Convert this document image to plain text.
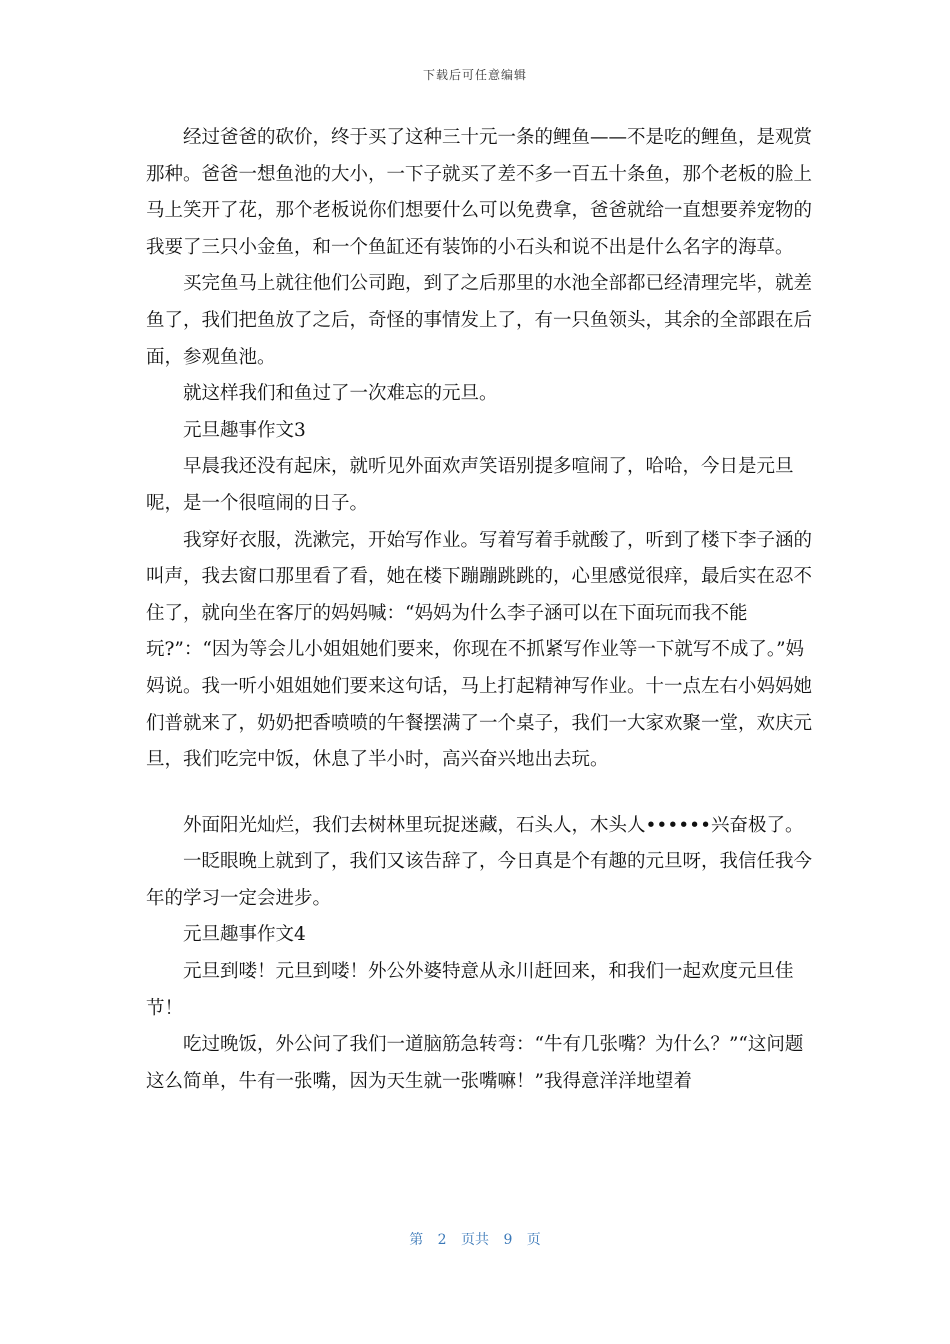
下载后可任意编辑

经过爸爸的砍价，终于买了这种三十元一条的鲤鱼——不是吃的鲤鱼，是观赏那种。爸爸一想鱼池的大小，一下子就买了差不多一百五十条鱼，那个老板的脸上马上笑开了花，那个老板说你们想要什么可以免费拿，爸爸就给一直想要养宠物的我要了三只小金鱼，和一个鱼缸还有装饰的小石头和说不出是什么名字的海草。

买完鱼马上就往他们公司跑，到了之后那里的水池全部都已经清理完毕，就差鱼了，我们把鱼放了之后，奇怪的事情发上了，有一只鱼领头，其余的全部跟在后面，参观鱼池。

就这样我们和鱼过了一次难忘的元旦。

元旦趣事作文3

早晨我还没有起床，就听见外面欢声笑语别提多喧闹了，哈哈，今日是元旦呢，是一个很喧闹的日子。

我穿好衣服，洗漱完，开始写作业。写着写着手就酸了，听到了楼下李子涵的叫声，我去窗口那里看了看，她在楼下蹦蹦跳跳的，心里感觉很痒，最后实在忍不住了，就向坐在客厅的妈妈喊：“妈妈为什么李子涵可以在下面玩而我不能玩?”：“因为等会儿小姐姐她们要来，你现在不抓紧写作业等一下就写不成了。”妈妈说。我一听小姐姐她们要来这句话，马上打起精神写作业。十一点左右小妈妈她们普就来了，奶奶把香喷喷的午餐摆满了一个桌子，我们一大家欢聚一堂，欢庆元旦，我们吃完中饭，休息了半小时，高兴奋兴地出去玩。

外面阳光灿烂，我们去树林里玩捉迷藏，石头人，木头人••••••兴奋极了。

一眨眼晚上就到了，我们又该告辞了，今日真是个有趣的元旦呀，我信任我今年的学习一定会进步。

元旦趣事作文4

元旦到喽！元旦到喽！外公外婆特意从永川赶回来，和我们一起欢度元旦佳节！

吃过晚饭，外公问了我们一道脑筋急转弯：“牛有几张嘴？为什么？”“这问题这么简单，牛有一张嘴，因为天生就一张嘴嘛！”我得意洋洋地望着

第 2 页共 9 页
